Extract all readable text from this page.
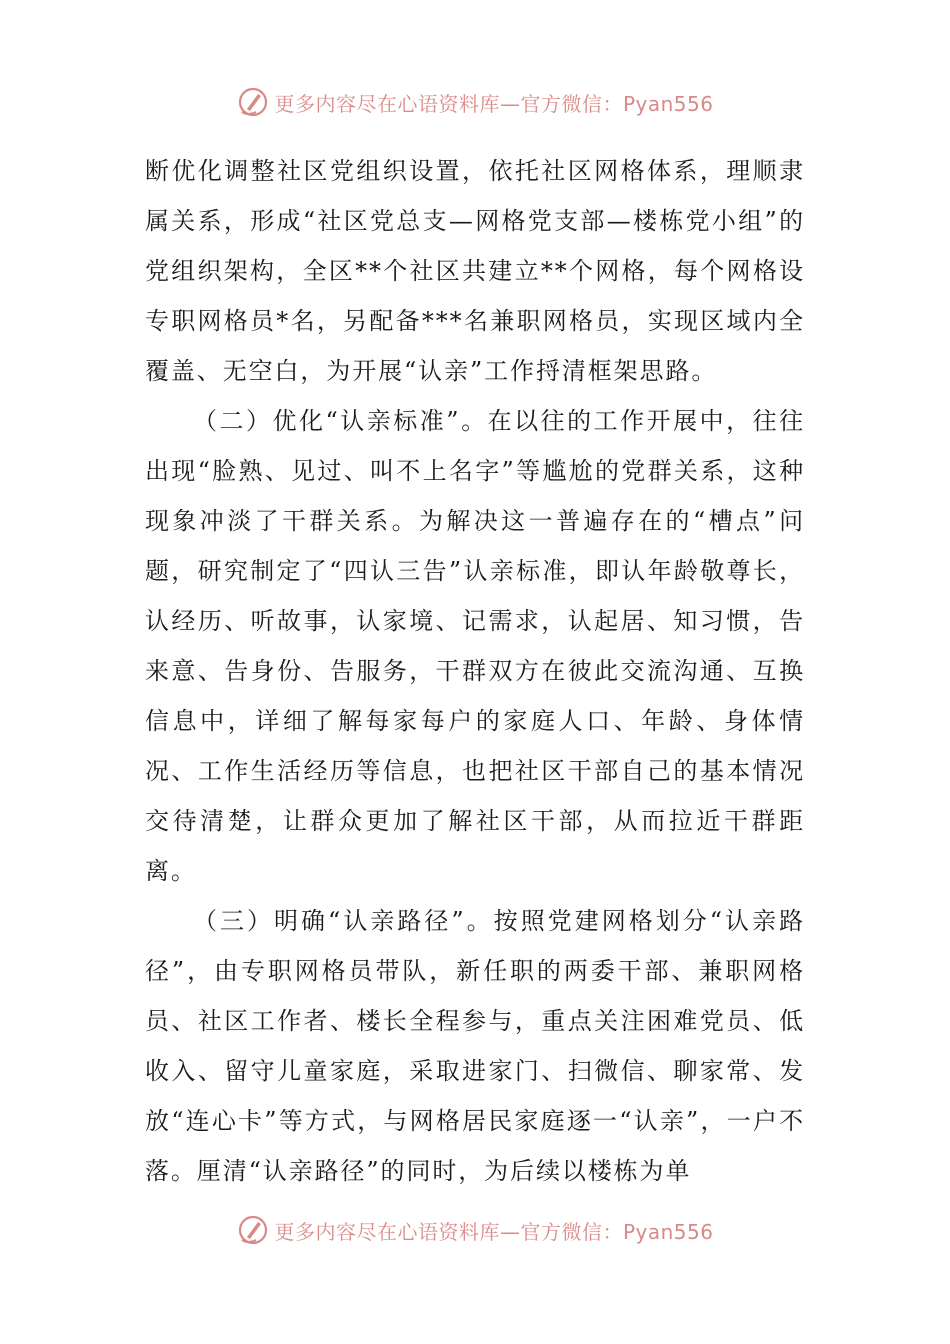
更多内容尽在心语资料库—官方微信：Pyan556

断优化调整社区党组织设置，依托社区网格体系，理顺隶属关系，形成“社区党总支—网格党支部—楼栋党小组”的党组织架构，全区**个社区共建立**个网格，每个网格设专职网格员*名，另配备***名兼职网格员，实现区域内全覆盖、无空白，为开展“认亲”工作捋清框架思路。

（二）优化“认亲标准”。在以往的工作开展中，往往出现“脸熟、见过、叫不上名字”等尴尬的党群关系，这种现象冲淡了干群关系。为解决这一普遍存在的“槽点”问题，研究制定了“四认三告”认亲标准，即认年龄敬尊长，认经历、听故事，认家境、记需求，认起居、知习惯，告来意、告身份、告服务，干群双方在彼此交流沟通、互换信息中，详细了解每家每户的家庭人口、年龄、身体情况、工作生活经历等信息，也把社区干部自己的基本情况交待清楚，让群众更加了解社区干部，从而拉近干群距离。

（三）明确“认亲路径”。按照党建网格划分“认亲路径”，由专职网格员带队，新任职的两委干部、兼职网格员、社区工作者、楼长全程参与，重点关注困难党员、低收入、留守儿童家庭，采取进家门、扫微信、聊家常、发放“连心卡”等方式，与网格居民家庭逐一“认亲”，一户不落。厘清“认亲路径”的同时，为后续以楼栋为单

更多内容尽在心语资料库—官方微信：Pyan556
